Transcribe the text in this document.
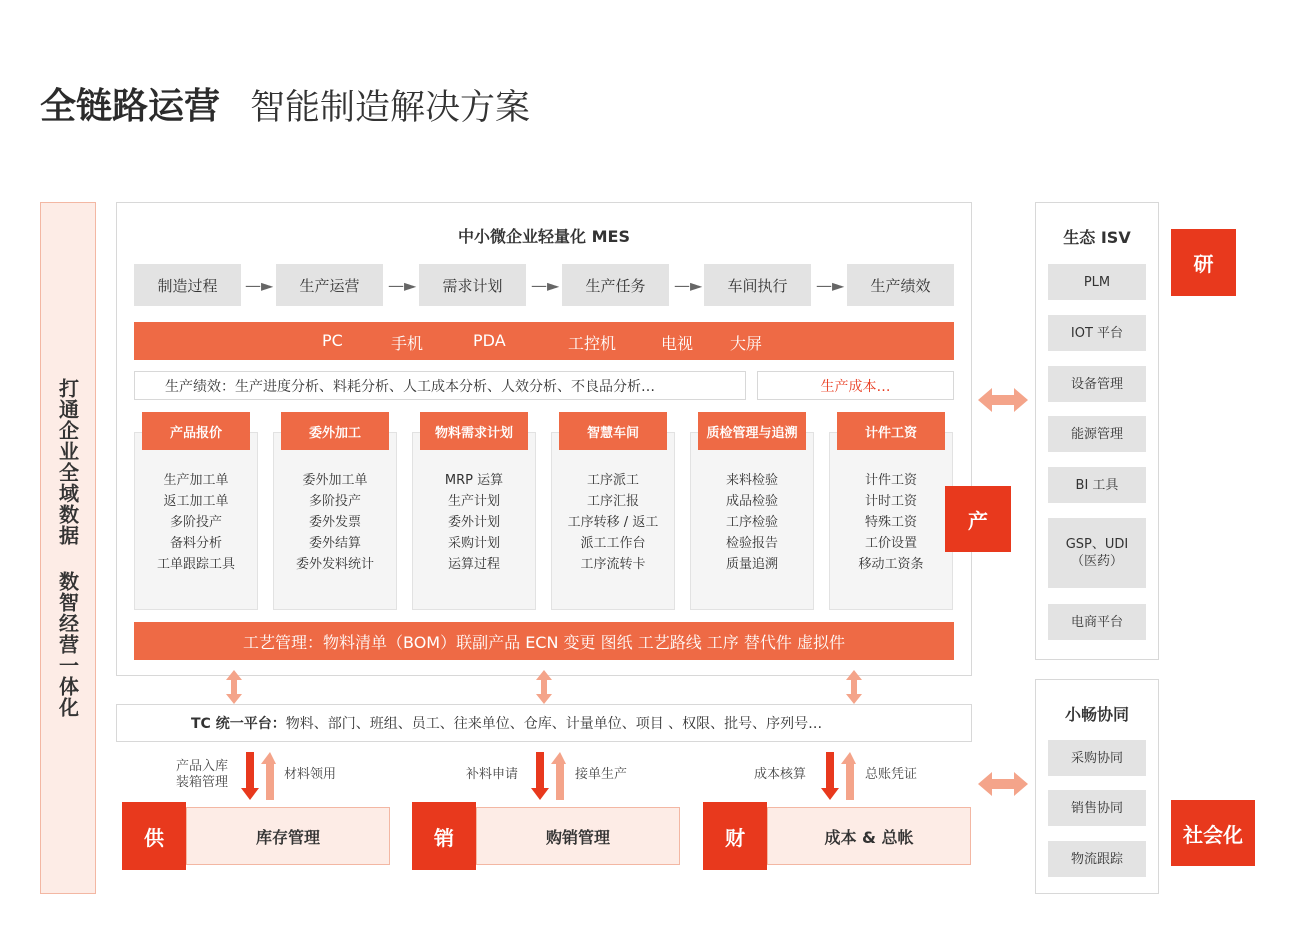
全链路运营 智能制造解决方案
打通企业全域数据 数智经营一体化
中小微企业轻量化 MES
制造过程	—►	生产运营	—►	需求计划	—►	生产任务	—►	车间执行	—►	生产绩效
PC	手机	PDA	工控机	电视 大屏
生产绩效：生产进度分析、料耗分析、人工成本分析、人效分析、不良品分析…	生产成本…
产品报价
生产加工单
返工加工单
多阶投产
备料分析
工单跟踪工具
委外加工
委外加工单
多阶投产
委外发票
委外结算
委外发料统计
物料需求计划
MRP 运算
生产计划
委外计划
采购计划
运算过程
智慧车间
工序派工
工序汇报
工序转移 / 返工
派工工作台
工序流转卡
质检管理与追溯
来料检验
成品检验
工序检验
检验报告
质量追溯
计件工资
计件工资
计时工资
特殊工资
工价设置
移动工资条
产
工艺管理：物料清单（BOM）联副产品 ECN 变更 图纸 工艺路线 工序 替代件 虚拟件
TC 统一平台： 物料、部门、班组、员工、往来单位、仓库、计量单位、项目 、权限、批号、序列号…
产品入库
装箱管理
材料领用	补料申请	接单生产	成本核算	总账凭证
库存管理
供	购销管理
销	成本 & 总帐
财
生态 ISV
PLM
IOT 平台
设备管理
能源管理
BI 工具
GSP、UDI
（医药）
电商平台
小畅协同
采购协同
销售协同
物流跟踪
研
社会化
